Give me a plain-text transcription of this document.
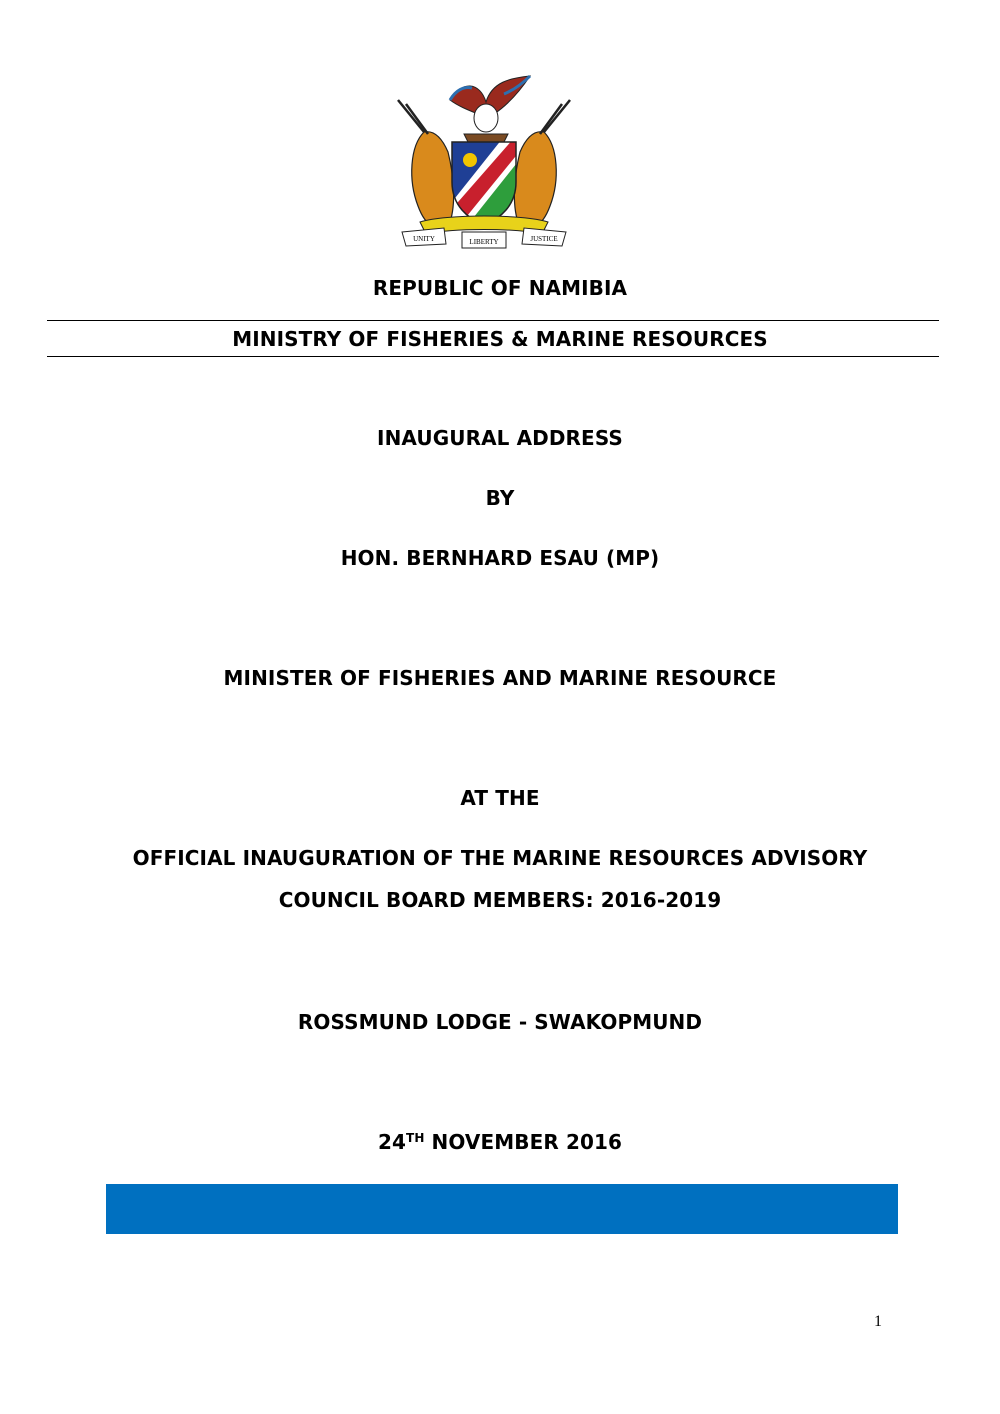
UNITY	LIBERTY	JUSTICE
REPUBLIC OF NAMIBIA
MINISTRY OF FISHERIES & MARINE RESOURCES
INAUGURAL ADDRESS
BY
HON. BERNHARD ESAU (MP)
MINISTER OF FISHERIES AND MARINE RESOURCE
AT THE
OFFICIAL INAUGURATION OF THE MARINE RESOURCES ADVISORY
COUNCIL BOARD MEMBERS: 2016-2019
ROSSMUND LODGE - SWAKOPMUND
24TH NOVEMBER 2016
1
